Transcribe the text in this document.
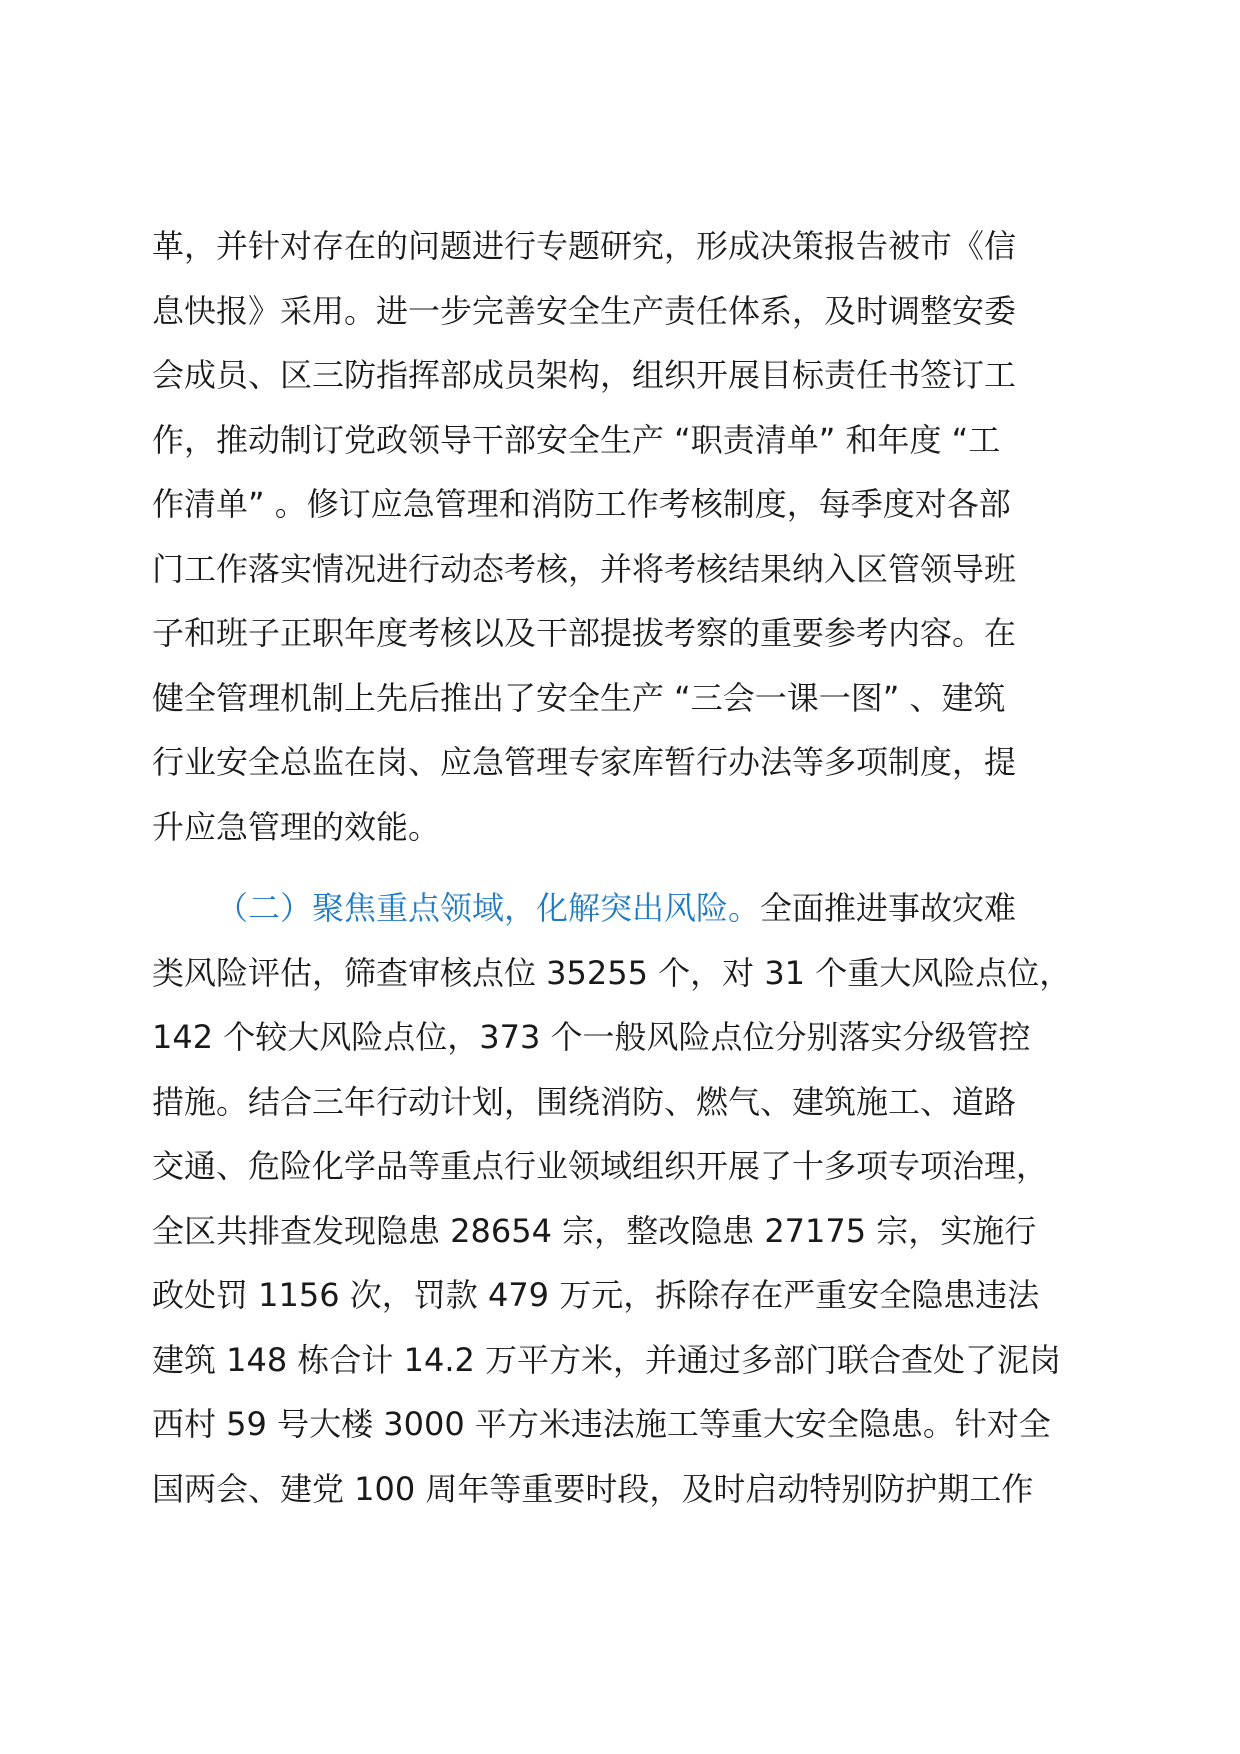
革，并针对存在的问题进行专题研究，形成决策报告被市《信
息快报》采用。进一步完善安全生产责任体系，及时调整安委
会成员、区三防指挥部成员架构，组织开展目标责任书签订工
作，推动制订党政领导干部安全生产 “职责清单” 和年度 “工
作清单” 。修订应急管理和消防工作考核制度，每季度对各部
门工作落实情况进行动态考核，并将考核结果纳入区管领导班
子和班子正职年度考核以及干部提拔考察的重要参考内容。在
健全管理机制上先后推出了安全生产 “三会一课一图” 、建筑
行业安全总监在岗、应急管理专家库暂行办法等多项制度，提
升应急管理的效能。
（二）聚焦重点领域，化解突出风险。全面推进事故灾难
类风险评估，筛查审核点位 35255 个，对 31 个重大风险点位，
142 个较大风险点位，373 个一般风险点位分别落实分级管控
措施。结合三年行动计划，围绕消防、燃气、建筑施工、道路
交通、危险化学品等重点行业领域组织开展了十多项专项治理，
全区共排查发现隐患 28654 宗，整改隐患 27175 宗，实施行
政处罚 1156 次，罚款 479 万元，拆除存在严重安全隐患违法
建筑 148 栋合计 14.2 万平方米，并通过多部门联合查处了泥岗
西村 59 号大楼 3000 平方米违法施工等重大安全隐患。针对全
国两会、建党 100 周年等重要时段，及时启动特别防护期工作
